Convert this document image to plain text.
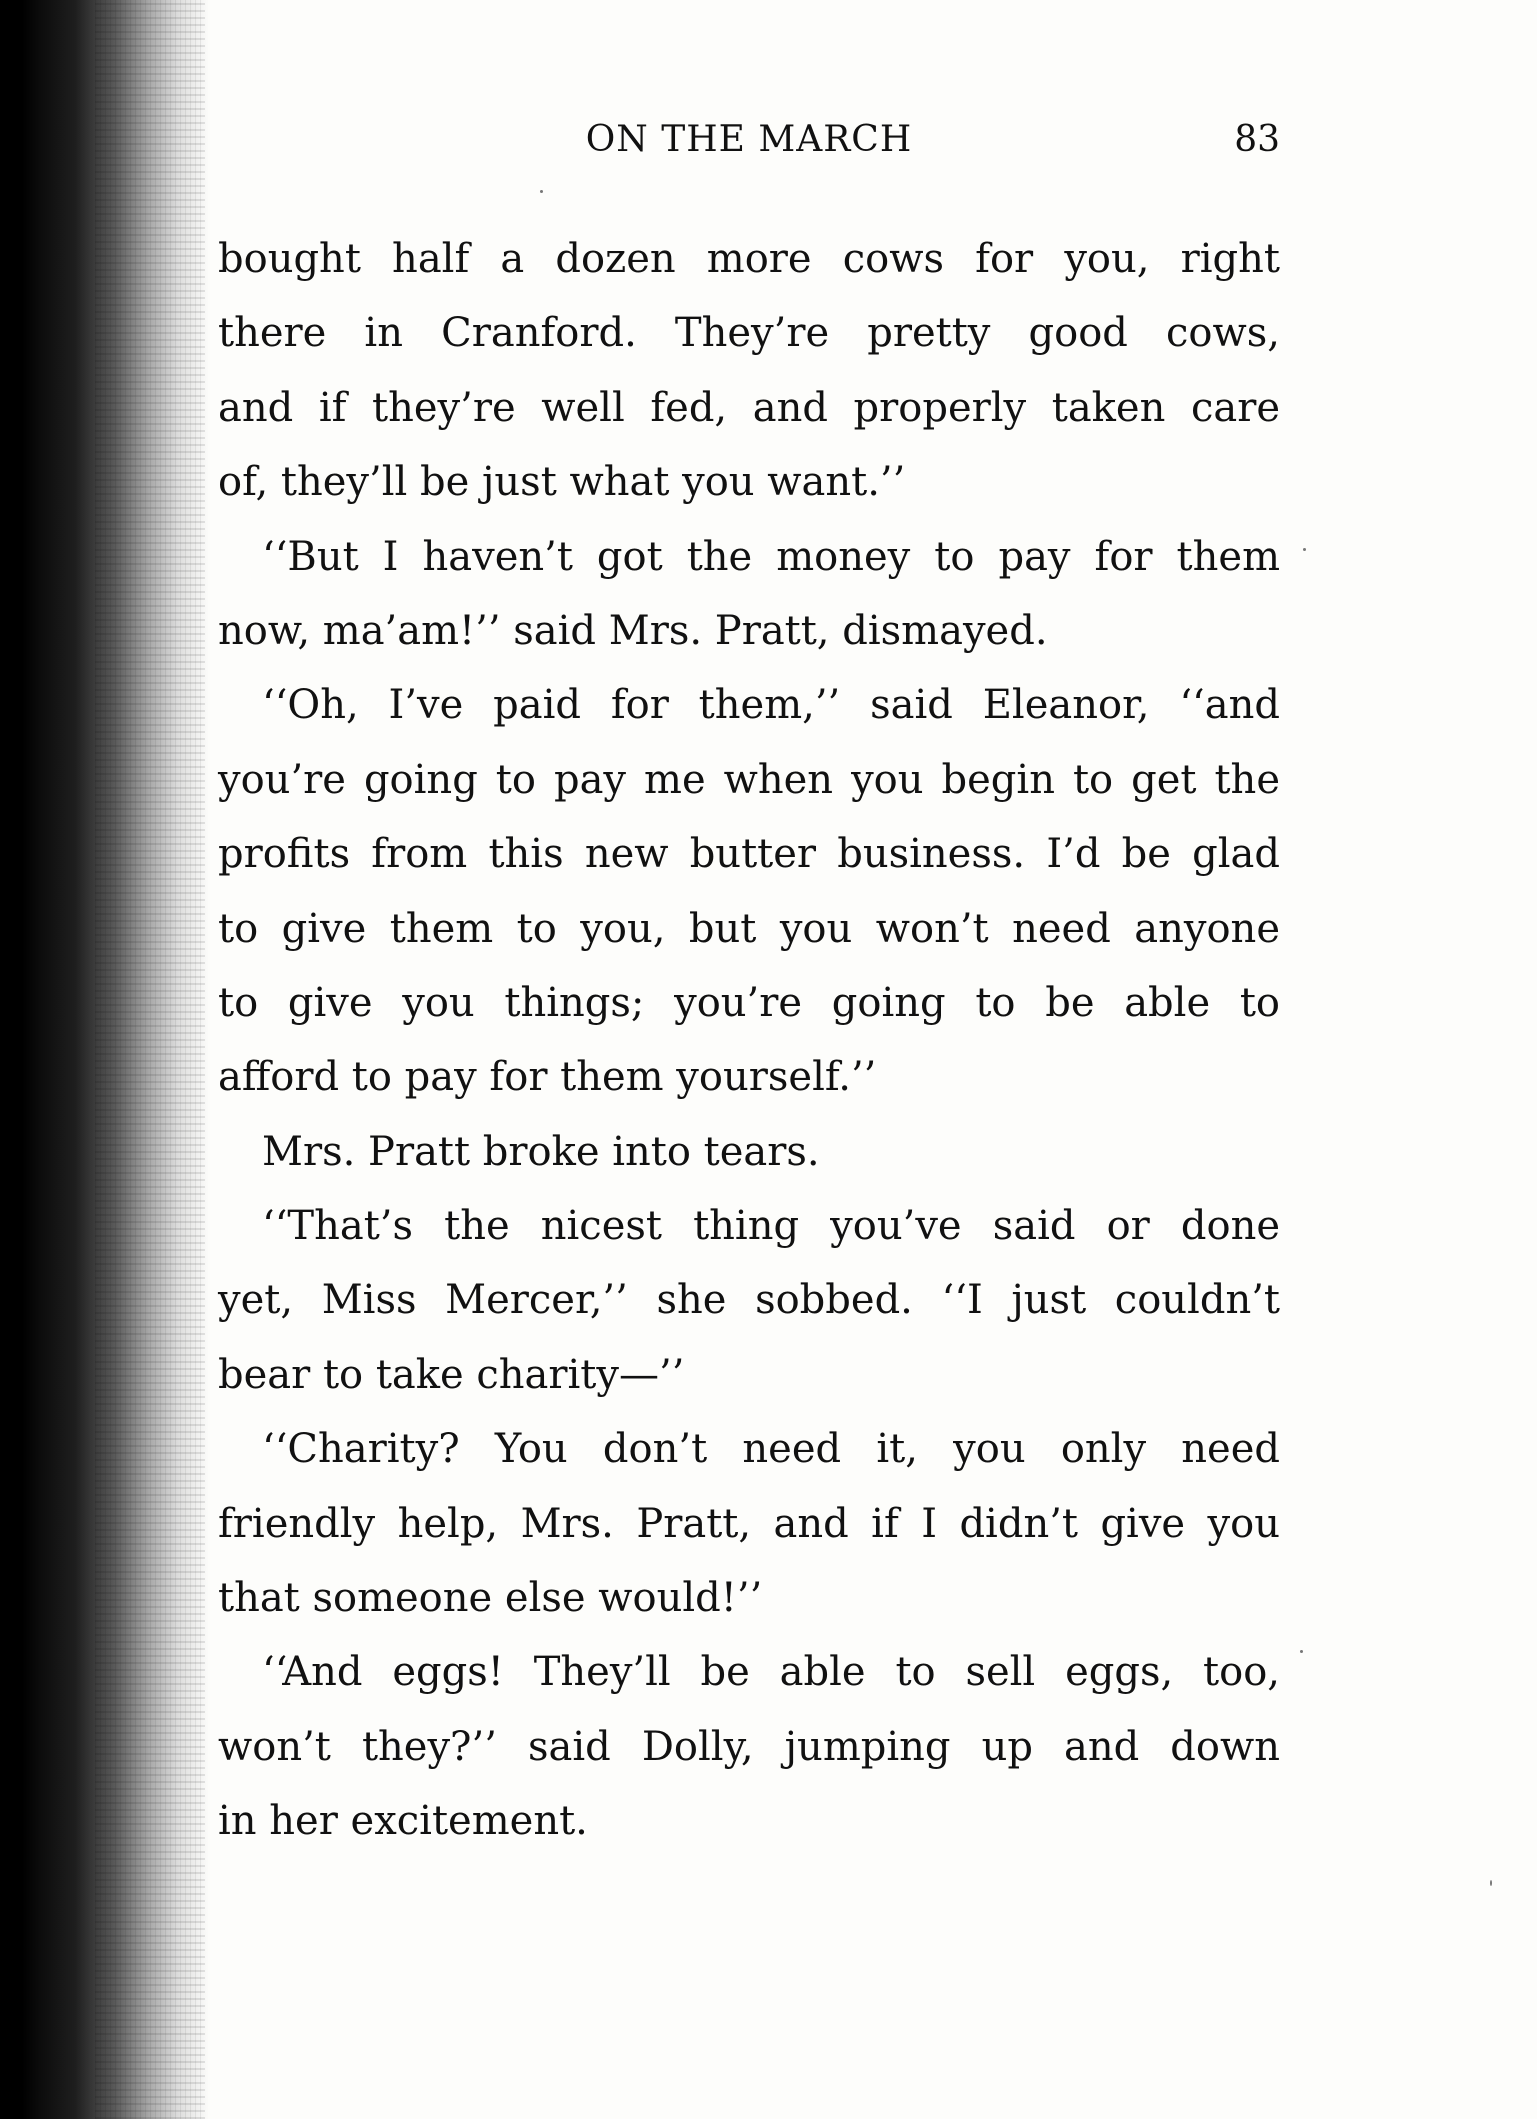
ON THE MARCH	83
bought half a dozen more cows for you, right
there in Cranford. They’re pretty good cows,
and if they’re well fed, and properly taken care
of, they’ll be just what you want.’’
‘‘But I haven’t got the money to pay for them
now, ma’am!’’ said Mrs. Pratt, dismayed.
‘‘Oh, I’ve paid for them,’’ said Eleanor, ‘‘and
you’re going to pay me when you begin to get the
profits from this new butter business. I’d be glad
to give them to you, but you won’t need anyone
to give you things; you’re going to be able to
afford to pay for them yourself.’’
Mrs. Pratt broke into tears.
‘‘That’s the nicest thing you’ve said or done
yet, Miss Mercer,’’ she sobbed. ‘‘I just couldn’t
bear to take charity—’’
‘‘Charity? You don’t need it, you only need
friendly help, Mrs. Pratt, and if I didn’t give you
that someone else would!’’
‘‘And eggs! They’ll be able to sell eggs, too,
won’t they?’’ said Dolly, jumping up and down
in her excitement.
